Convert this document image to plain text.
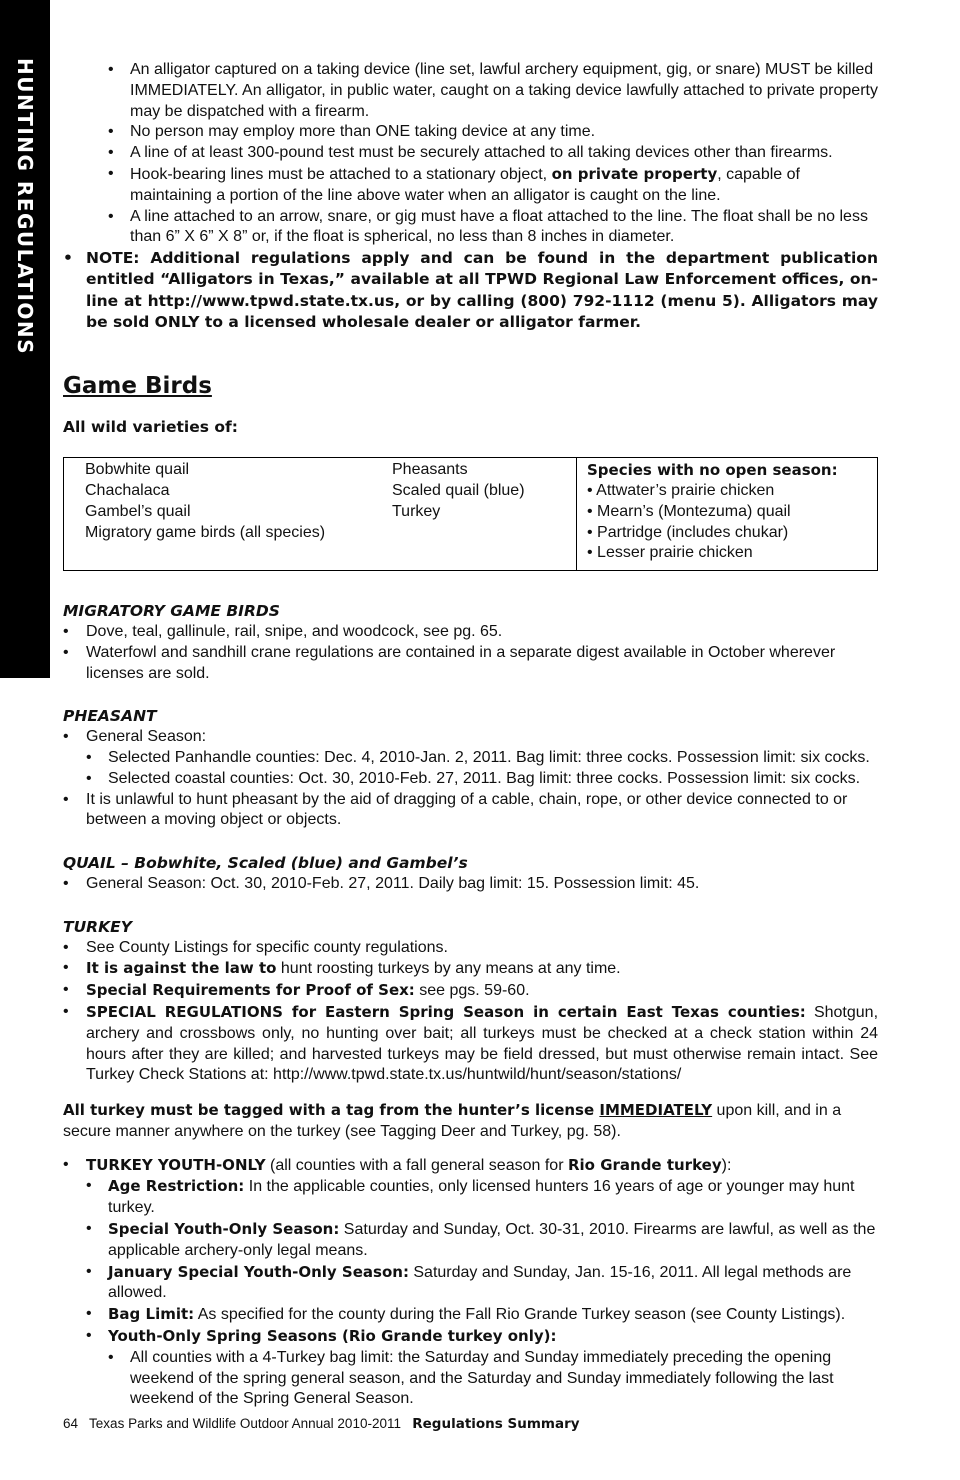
HUNTING REGULATIONS
•	An alligator captured on a taking device (line set, lawful archery equipment, gig, or snare) MUST be killed IMMEDIATELY. An alligator, in public water, caught on a taking device lawfully attached to private property may be dispatched with a firearm.
• No person may employ more than ONE taking device at any time.
• A line of at least 300-pound test must be securely attached to all taking devices other than firearms.
• Hook-bearing lines must be attached to a stationary object, on private property, capable of maintaining a portion of the line above water when an alligator is caught on the line.
• A line attached to an arrow, snare, or gig must have a float attached to the line. The float shall be no less than 6” X 6” X 8” or, if the float is spherical, no less than 8 inches in diameter.
• NOTE: Additional regulations apply and can be found in the department publication entitled “Alligators in Texas,” available at all TPWD Regional Law Enforcement offices, on-line at http://www.tpwd.state.tx.us, or by calling (800) 792-1112 (menu 5). Alligators may be sold ONLY to a licensed wholesale dealer or alligator farmer.
Game Birds
All wild varieties of:
Bobwhite quail
Chachalaca
Gambel’s quail
Migratory game birds (all species)
Pheasants
Scaled quail (blue)
Turkey
Species with no open season:
• Attwater’s prairie chicken
• Mearn’s (Montezuma) quail
• Partridge (includes chukar)
• Lesser prairie chicken
MIGRATORY GAME BIRDS
• Dove, teal, gallinule, rail, snipe, and woodcock, see pg. 65.
• Waterfowl and sandhill crane regulations are contained in a separate digest available in October wherever licenses are sold.
PHEASANT
• General Season:
• Selected Panhandle counties: Dec. 4, 2010-Jan. 2, 2011. Bag limit: three cocks. Possession limit: six cocks.
• Selected coastal counties: Oct. 30, 2010-Feb. 27, 2011. Bag limit: three cocks. Possession limit: six cocks.
• It is unlawful to hunt pheasant by the aid of dragging of a cable, chain, rope, or other device connected to or between a moving object or objects.
QUAIL – Bobwhite, Scaled (blue) and Gambel’s
• General Season: Oct. 30, 2010-Feb. 27, 2011. Daily bag limit: 15. Possession limit: 45.
TURKEY
• See County Listings for specific county regulations.
• It is against the law to hunt roosting turkeys by any means at any time.
• Special Requirements for Proof of Sex: see pgs. 59-60.
• SPECIAL REGULATIONS for Eastern Spring Season in certain East Texas counties: Shotgun, archery and crossbows only, no hunting over bait; all turkeys must be checked at a check station within 24 hours after they are killed; and harvested turkeys may be field dressed, but must otherwise remain intact. See Turkey Check Stations at: http://www.tpwd.state.tx.us/huntwild/hunt/season/stations/
All turkey must be tagged with a tag from the hunter’s license IMMEDIATELY upon kill, and in a secure manner anywhere on the turkey (see Tagging Deer and Turkey, pg. 58).
• TURKEY YOUTH-ONLY (all counties with a fall general season for Rio Grande turkey):
• Age Restriction: In the applicable counties, only licensed hunters 16 years of age or younger may hunt turkey.
• Special Youth-Only Season: Saturday and Sunday, Oct. 30-31, 2010. Firearms are lawful, as well as the applicable archery-only legal means.
• January Special Youth-Only Season: Saturday and Sunday, Jan. 15-16, 2011. All legal methods are allowed.
• Bag Limit: As specified for the county during the Fall Rio Grande Turkey season (see County Listings).
• Youth-Only Spring Seasons (Rio Grande turkey only):
• All counties with a 4-Turkey bag limit: the Saturday and Sunday immediately preceding the opening weekend of the spring general season, and the Saturday and Sunday immediately following the last weekend of the Spring General Season.
64 Texas Parks and Wildlife Outdoor Annual 2010-2011 Regulations Summary
